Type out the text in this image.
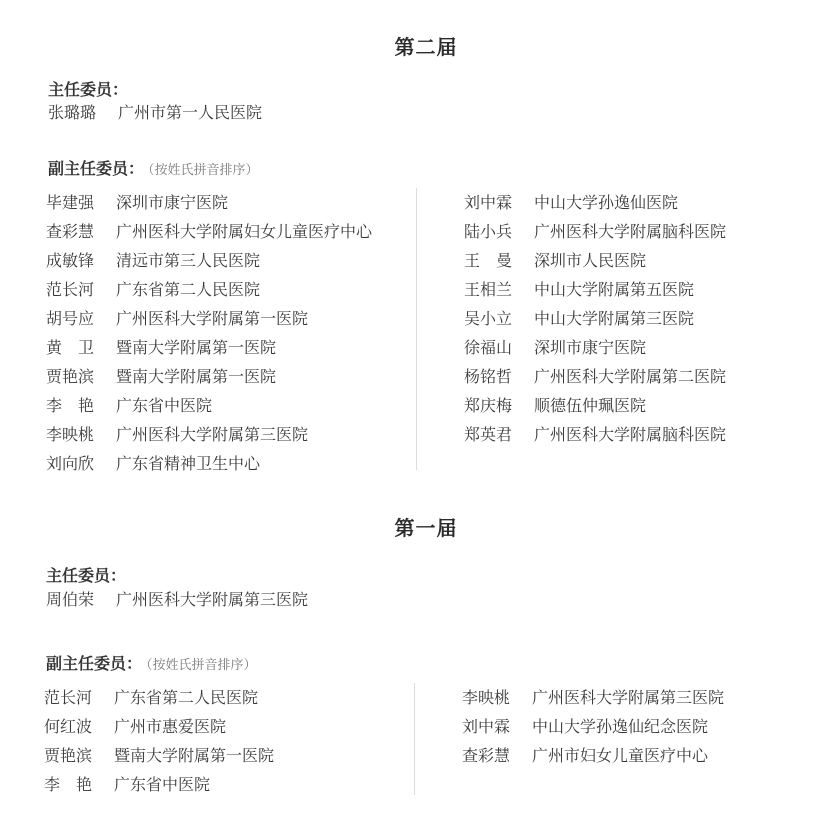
第二届
主任委员：
张璐璐 广州市第一人民医院
副主任委员： （按姓氏拼音排序）
毕建强 深圳市康宁医院
查彩慧 广州医科大学附属妇女儿童医疗中心
成敏锋 清远市第三人民医院
范长河 广东省第二人民医院
胡号应 广州医科大学附属第一医院
黄　卫 暨南大学附属第一医院
贾艳滨 暨南大学附属第一医院
李　艳 广东省中医院
李映桃 广州医科大学附属第三医院
刘向欣 广东省精神卫生中心
刘中霖 中山大学孙逸仙医院
陆小兵 广州医科大学附属脑科医院
王　曼 深圳市人民医院
王相兰 中山大学附属第五医院
吴小立 中山大学附属第三医院
徐福山 深圳市康宁医院
杨铭哲 广州医科大学附属第二医院
郑庆梅 顺德伍仲珮医院
郑英君 广州医科大学附属脑科医院
第一届
主任委员：
周伯荣 广州医科大学附属第三医院
副主任委员： （按姓氏拼音排序）
范长河 广东省第二人民医院
何红波 广州市惠爱医院
贾艳滨 暨南大学附属第一医院
李　艳 广东省中医院
李映桃 广州医科大学附属第三医院
刘中霖 中山大学孙逸仙纪念医院
查彩慧 广州市妇女儿童医疗中心
